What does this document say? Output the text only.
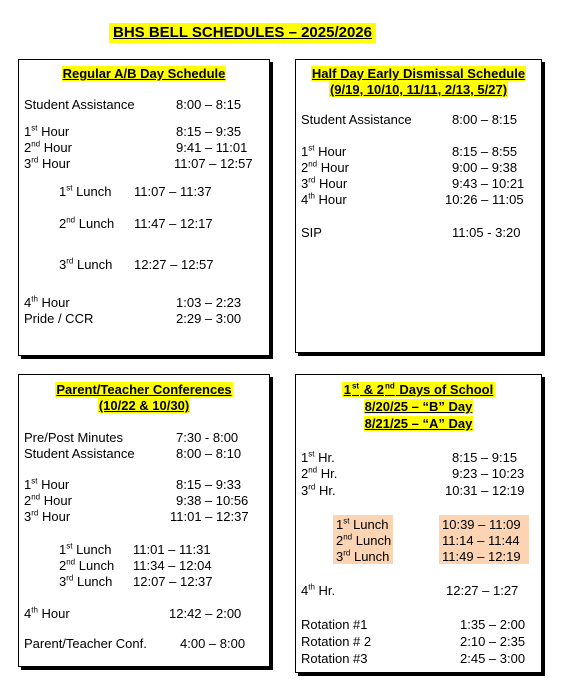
BHS BELL SCHEDULES – 2025/2026
Regular A/B Day Schedule
Student Assistance	8:00 – 8:15
1st Hour	8:15 – 9:35
2nd Hour	9:41 – 11:01
3rd Hour	11:07 – 12:57
1st Lunch 11:07 – 11:37
2nd Lunch 11:47 – 12:17
3rd Lunch 12:27 – 12:57
4th Hour	1:03 – 2:23
Pride / CCR	2:29 – 3:00
Half Day Early Dismissal Schedule
(9/19, 10/10, 11/11, 2/13, 5/27)
Student Assistance	8:00 – 8:15
1st Hour	8:15 – 8:55
2nd Hour	9:00 – 9:38
3rd Hour	9:43 – 10:21
4th Hour	10:26 – 11:05
SIP	11:05 - 3:20
Parent/Teacher Conferences
(10/22 & 10/30)
Pre/Post Minutes	7:30 - 8:00
Student Assistance	8:00 – 8:10
1st Hour	8:15 – 9:33
2nd Hour	9:38 – 10:56
3rd Hour	11:01 – 12:37
1st Lunch 11:01 – 11:31
2nd Lunch 11:34 – 12:04
3rd Lunch 12:07 – 12:37
4th Hour	12:42 – 2:00
Parent/Teacher Conf.	4:00 – 8:00
1st & 2nd Days of School
8/20/25 – “B” Day
8/21/25 – “A” Day
1st Hr.	8:15 – 9:15
2nd Hr.	9:23 – 10:23
3rd Hr.	10:31 – 12:19
1st Lunch	10:39 – 11:09
2nd Lunch	11:14 – 11:44
3rd Lunch	11:49 – 12:19
4th Hr.	12:27 – 1:27
Rotation #1	1:35 – 2:00
Rotation # 2	2:10 – 2:35
Rotation #3	2:45 – 3:00
